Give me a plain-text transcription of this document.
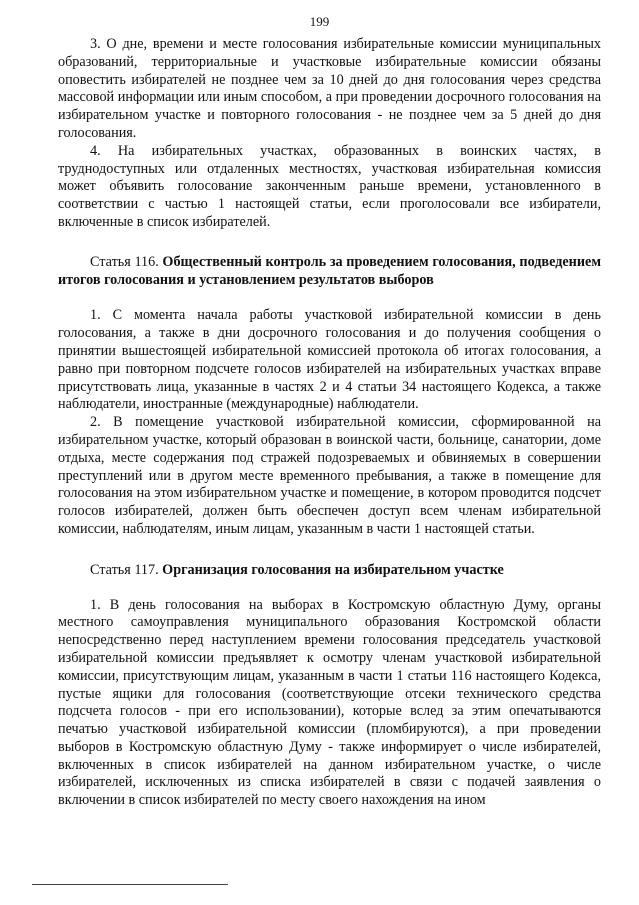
199

3. О дне, времени и месте голосования избирательные комиссии муниципальных образований, территориальные и участковые избирательные комиссии обязаны оповестить избирателей не позднее чем за 10 дней до дня голосования через средства массовой информации или иным способом, а при проведении досрочного голосования на избирательном участке и повторного голосования - не позднее чем за 5 дней до дня голосования.

4. На избирательных участках, образованных в воинских частях, в труднодоступных или отдаленных местностях, участковая избирательная комиссия может объявить голосование законченным раньше времени, установленного в соответствии с частью 1 настоящей статьи, если проголосовали все избиратели, включенные в список избирателей.

Статья 116. Общественный контроль за проведением голосования, подведением итогов голосования и установлением результатов выборов

1. С момента начала работы участковой избирательной комиссии в день голосования, а также в дни досрочного голосования и до получения сообщения о принятии вышестоящей избирательной комиссией протокола об итогах голосования, а равно при повторном подсчете голосов избирателей на избирательных участках вправе присутствовать лица, указанные в частях 2 и 4 статьи 34 настоящего Кодекса, а также наблюдатели, иностранные (международные) наблюдатели.

2. В помещение участковой избирательной комиссии, сформированной на избирательном участке, который образован в воинской части, больнице, санатории, доме отдыха, месте содержания под стражей подозреваемых и обвиняемых в совершении преступлений или в другом месте временного пребывания, а также в помещение для голосования на этом избирательном участке и помещение, в котором проводится подсчет голосов избирателей, должен быть обеспечен доступ всем членам избирательной комиссии, наблюдателям, иным лицам, указанным в части 1 настоящей статьи.

Статья 117. Организация голосования на избирательном участке

1. В день голосования на выборах в Костромскую областную Думу, органы местного самоуправления муниципального образования Костромской области непосредственно перед наступлением времени голосования председатель участковой избирательной комиссии предъявляет к осмотру членам участковой избирательной комиссии, присутствующим лицам, указанным в части 1 статьи 116 настоящего Кодекса, пустые ящики для голосования (соответствующие отсеки технического средства подсчета голосов - при его использовании), которые вслед за этим опечатываются печатью участковой избирательной комиссии (пломбируются), а при проведении выборов в Костромскую областную Думу - также информирует о числе избирателей, включенных в список избирателей на данном избирательном участке, о числе избирателей, исключенных из списка избирателей в связи с подачей заявления о включении в список избирателей по месту своего нахождения на ином
